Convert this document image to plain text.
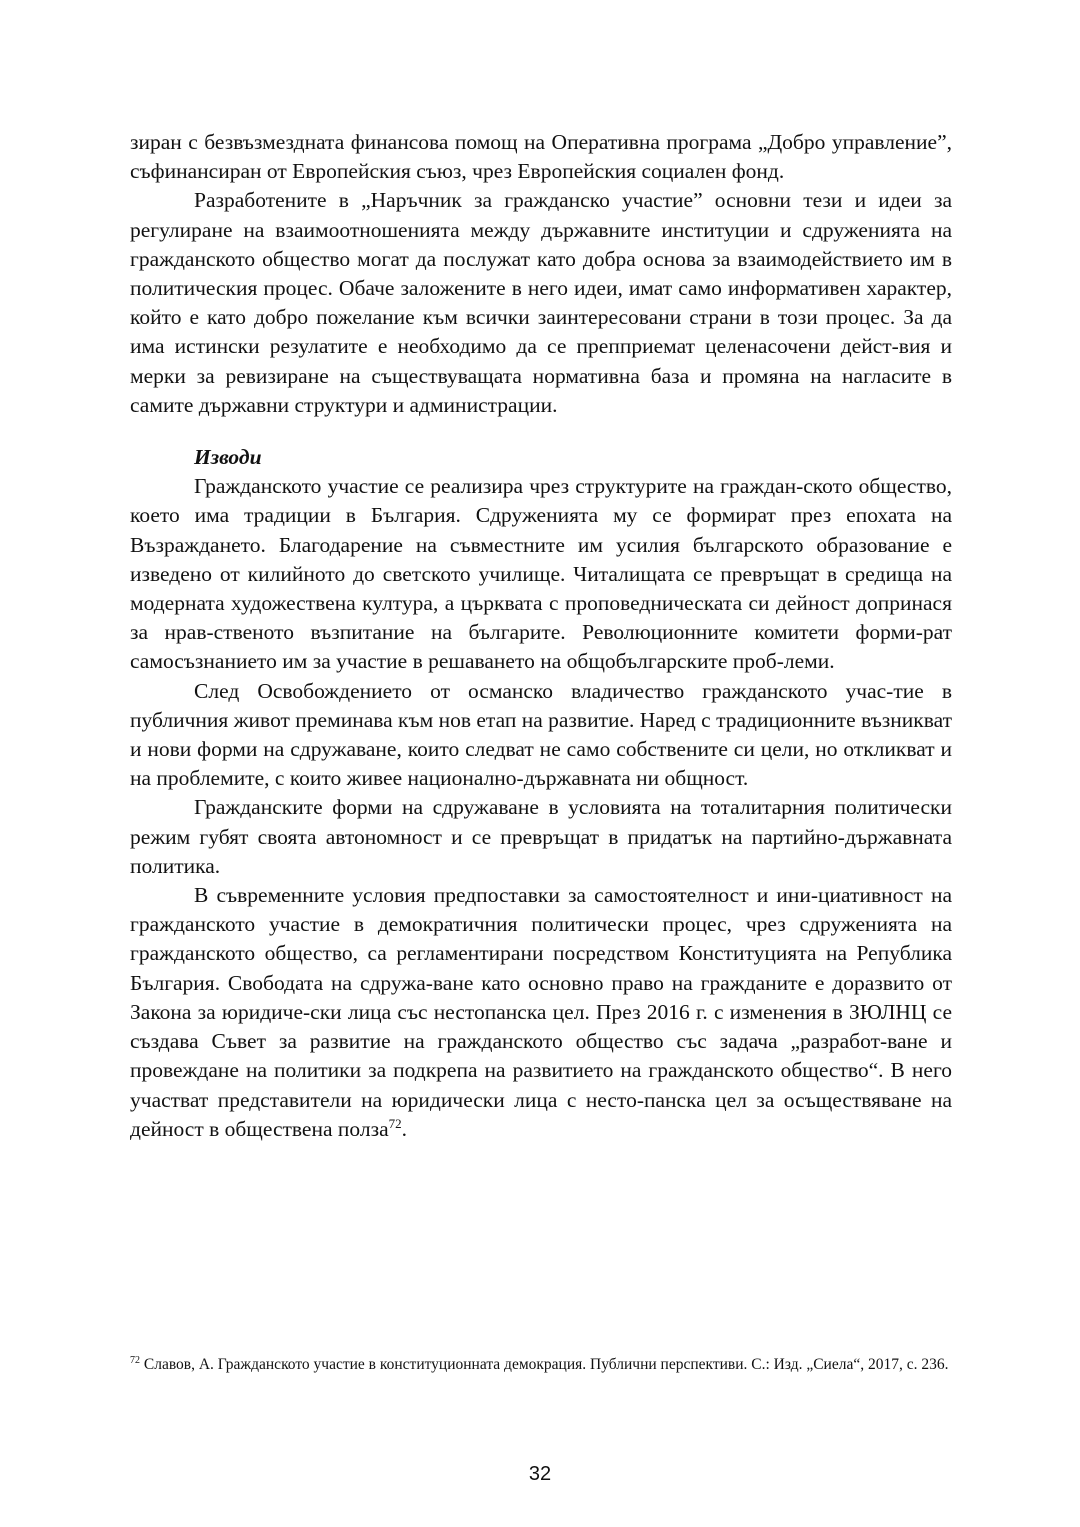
зиран с безвъзмездната финансова помощ на Оперативна програма „Добро управление”, съфинансиран от Европейския съюз, чрез Европейския социален фонд.

Разработените в „Наръчник за гражданско участие” основни тези и идеи за регулиране на взаимоотношенията между държавните институции и сдруженията на гражданското общество могат да послужат като добра основа за взаимодействието им в политическия процес. Обаче заложените в него идеи, имат само информативен характер, който е като добро пожелание към всички заинтересовани страни в този процес. За да има истински резулатите е необходимо да се препприемат целенасочени дейст-вия и мерки за ревизиране на съществуващата нормативна база и промяна на нагласите в самите държавни структури и администрации.

Изводи

Гражданското участие се реализира чрез структурите на граждан-ското общество, което има традиции в България. Сдруженията му се формират през епохата на Възраждането. Благодарение на съвместните им усилия българското образование е изведено от килийното до светското училище. Читалищата се превръщат в средища на модерната художествена култура, а църквата с проповедническата си дейност допринася за нрав-ственото възпитание на българите. Революционните комитети форми-рат самосъзнанието им за участие в решаването на общобългарските проб-леми.

След Освобождението от османско владичество гражданското учас-тие в публичния живот преминава към нов етап на развитие. Наред с традиционните възникват и нови форми на сдружаване, които следват не само собствените си цели, но откликват и на проблемите, с които живее национално-държавната ни общност.

Гражданските форми на сдружаване в условията на тоталитарния политически режим губят своята автономност и се превръщат в придатък на партийно-държавната политика.

В съвременните условия предпоставки за самостоятелност и ини-циативност на гражданското участие в демократичния политически процес, чрез сдруженията на гражданското общество, са регламентирани посредством Конституцията на Република България. Свободата на сдружа-ване като основно право на гражданите е доразвито от Закона за юридиче-ски лица със нестопанска цел. През 2016 г. с изменения в ЗЮЛНЦ се създава Съвет за развитие на гражданското общество със задача „разработ-ване и провеждане на политики за подкрепа на развитието на гражданското общество“. В него участват представители на юридически лица с несто-панска цел за осъществяване на дейност в обществена полза$^{72}$.

$^{72}$ Славов, А. Гражданското участие в конституционната демокрация. Публични перспективи. С.: Изд. „Сиела“, 2017, с. 236.
32
